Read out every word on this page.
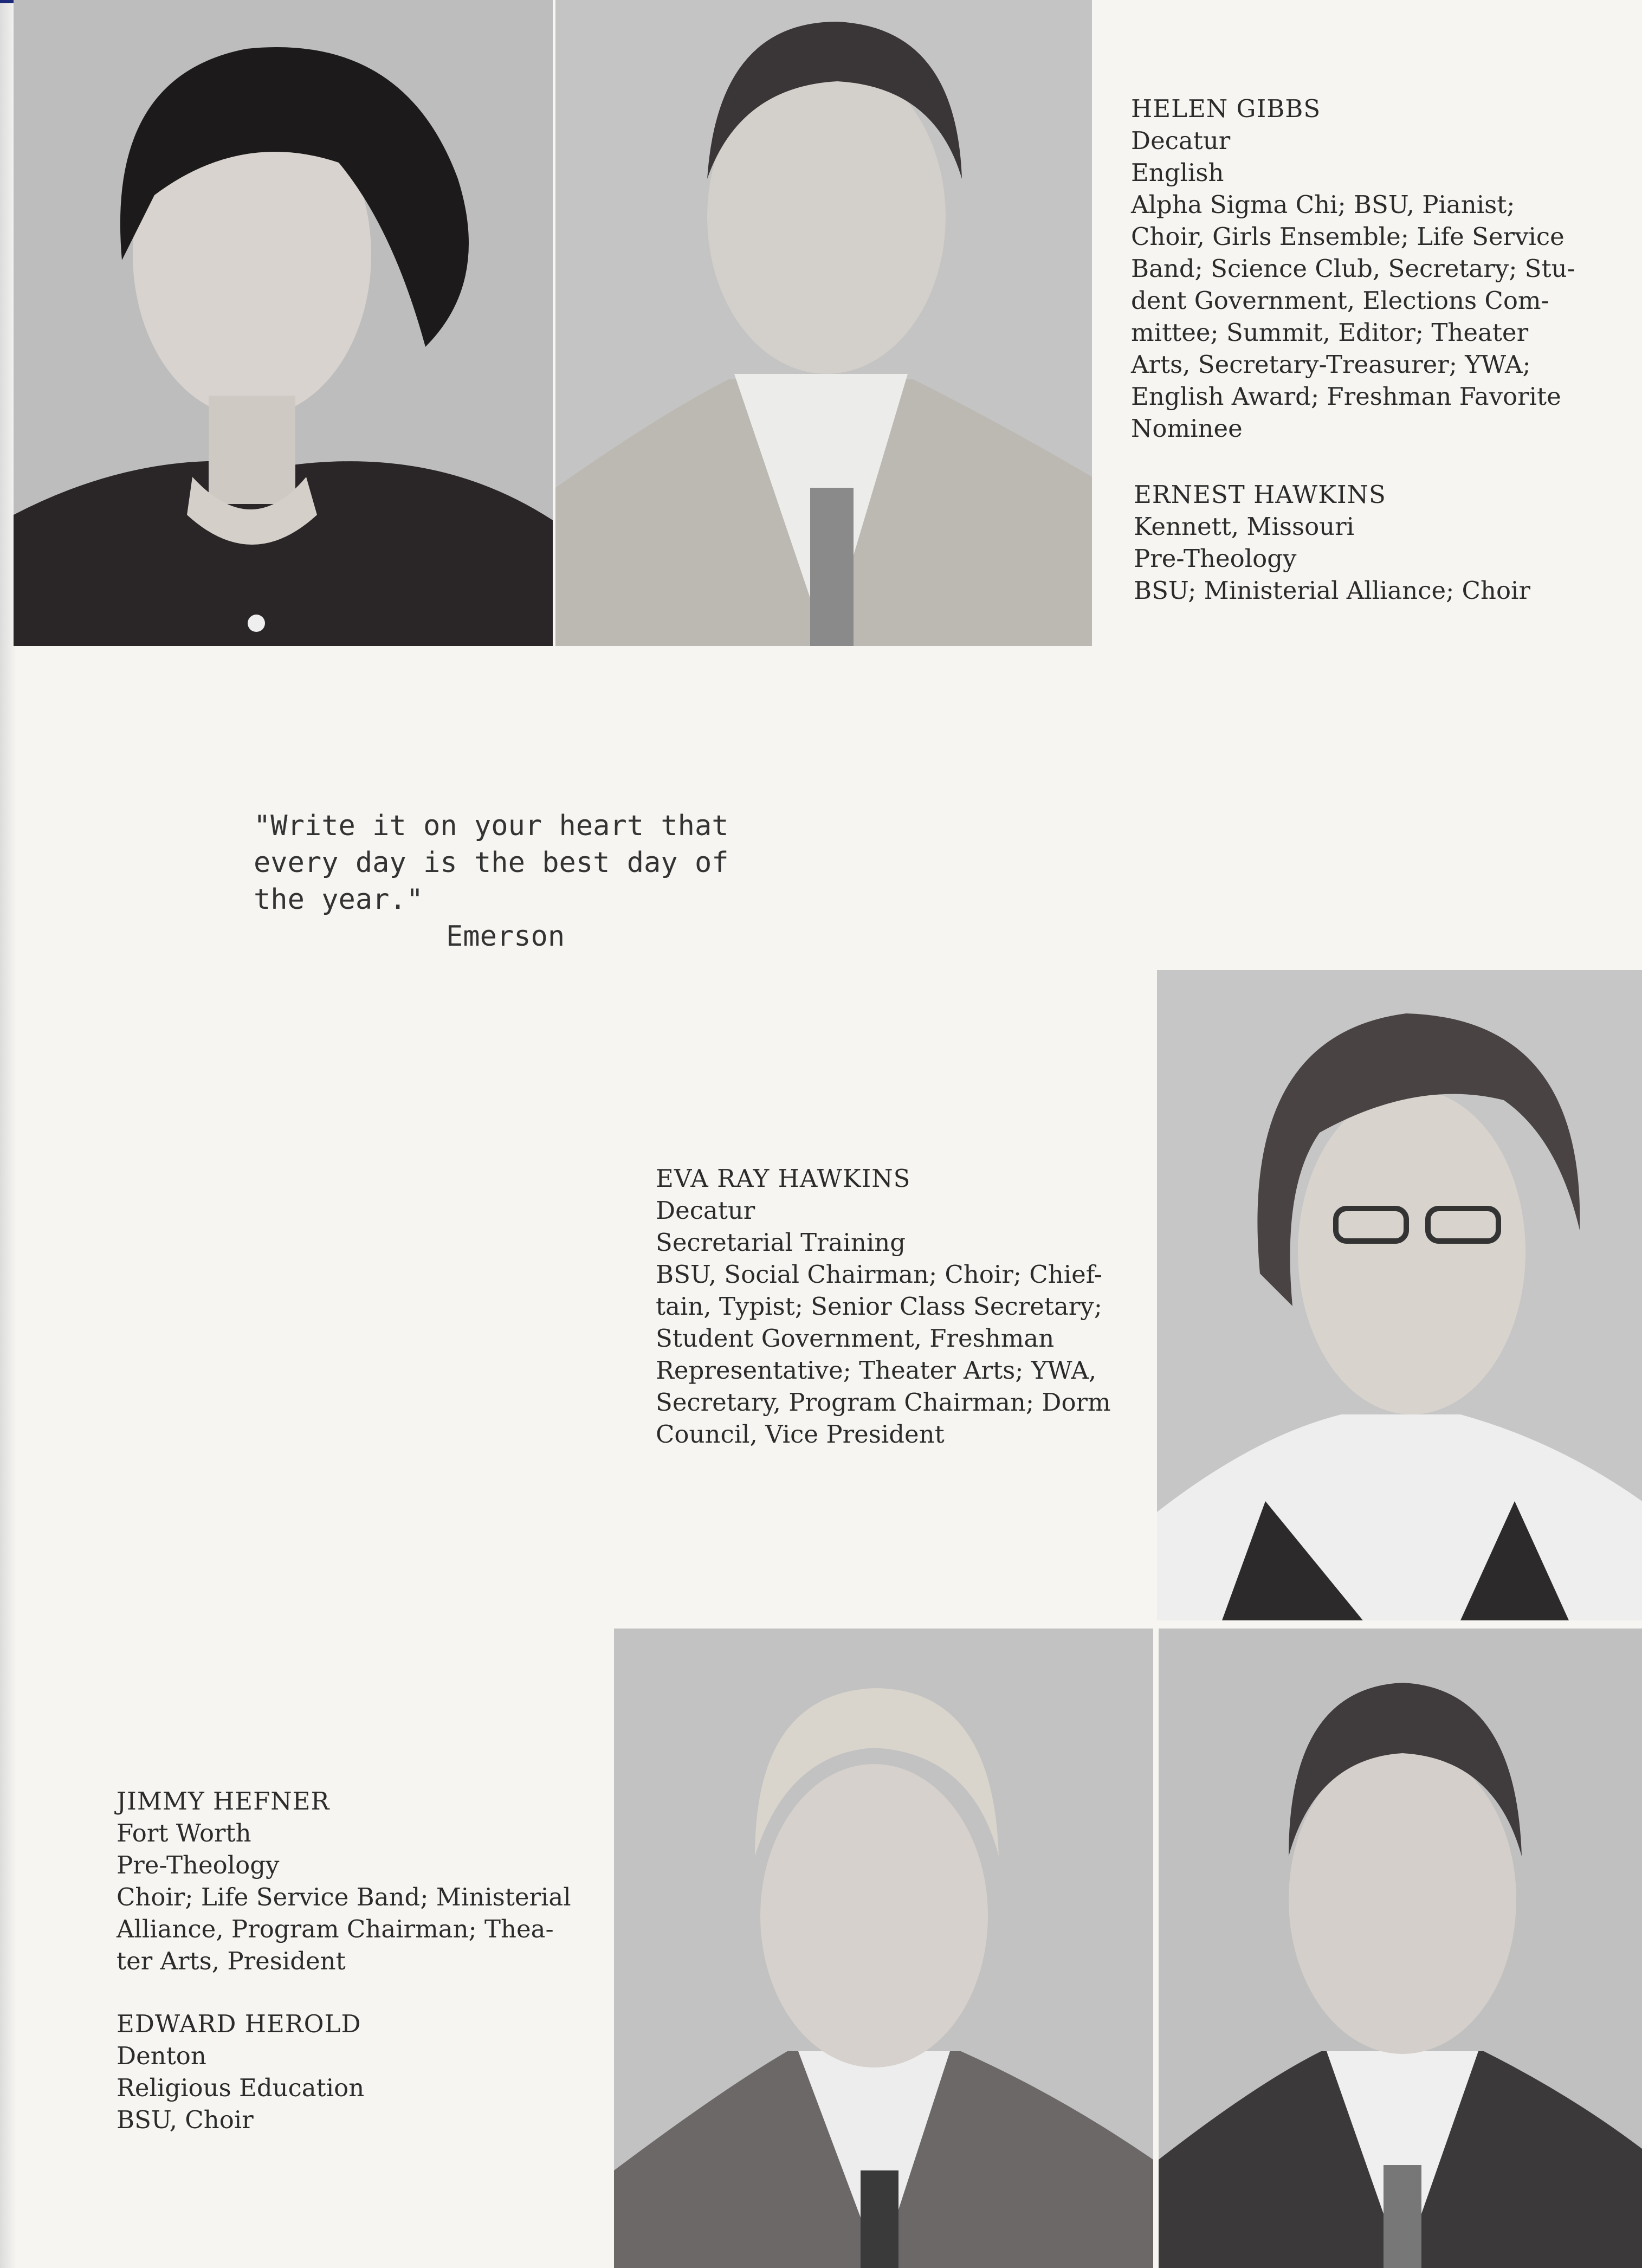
HELEN GIBBS
Decatur
English
Alpha Sigma Chi; BSU, Pianist;
Choir, Girls Ensemble; Life Service
Band; Science Club, Secretary; Stu-
dent Government, Elections Com-
mittee; Summit, Editor; Theater
Arts, Secretary-Treasurer; YWA;
English Award; Freshman Favorite
Nominee
ERNEST HAWKINS
Kennett, Missouri
Pre-Theology
BSU; Ministerial Alliance; Choir
"Write it on your heart that
every day is the best day of
the year."
Emerson
EVA RAY HAWKINS
Decatur
Secretarial Training
BSU, Social Chairman; Choir; Chief-
tain, Typist; Senior Class Secretary;
Student Government, Freshman
Representative; Theater Arts; YWA,
Secretary, Program Chairman; Dorm
Council, Vice President
JIMMY HEFNER
Fort Worth
Pre-Theology
Choir; Life Service Band; Ministerial
Alliance, Program Chairman; Thea-
ter Arts, President
EDWARD HEROLD
Denton
Religious Education
BSU, Choir
